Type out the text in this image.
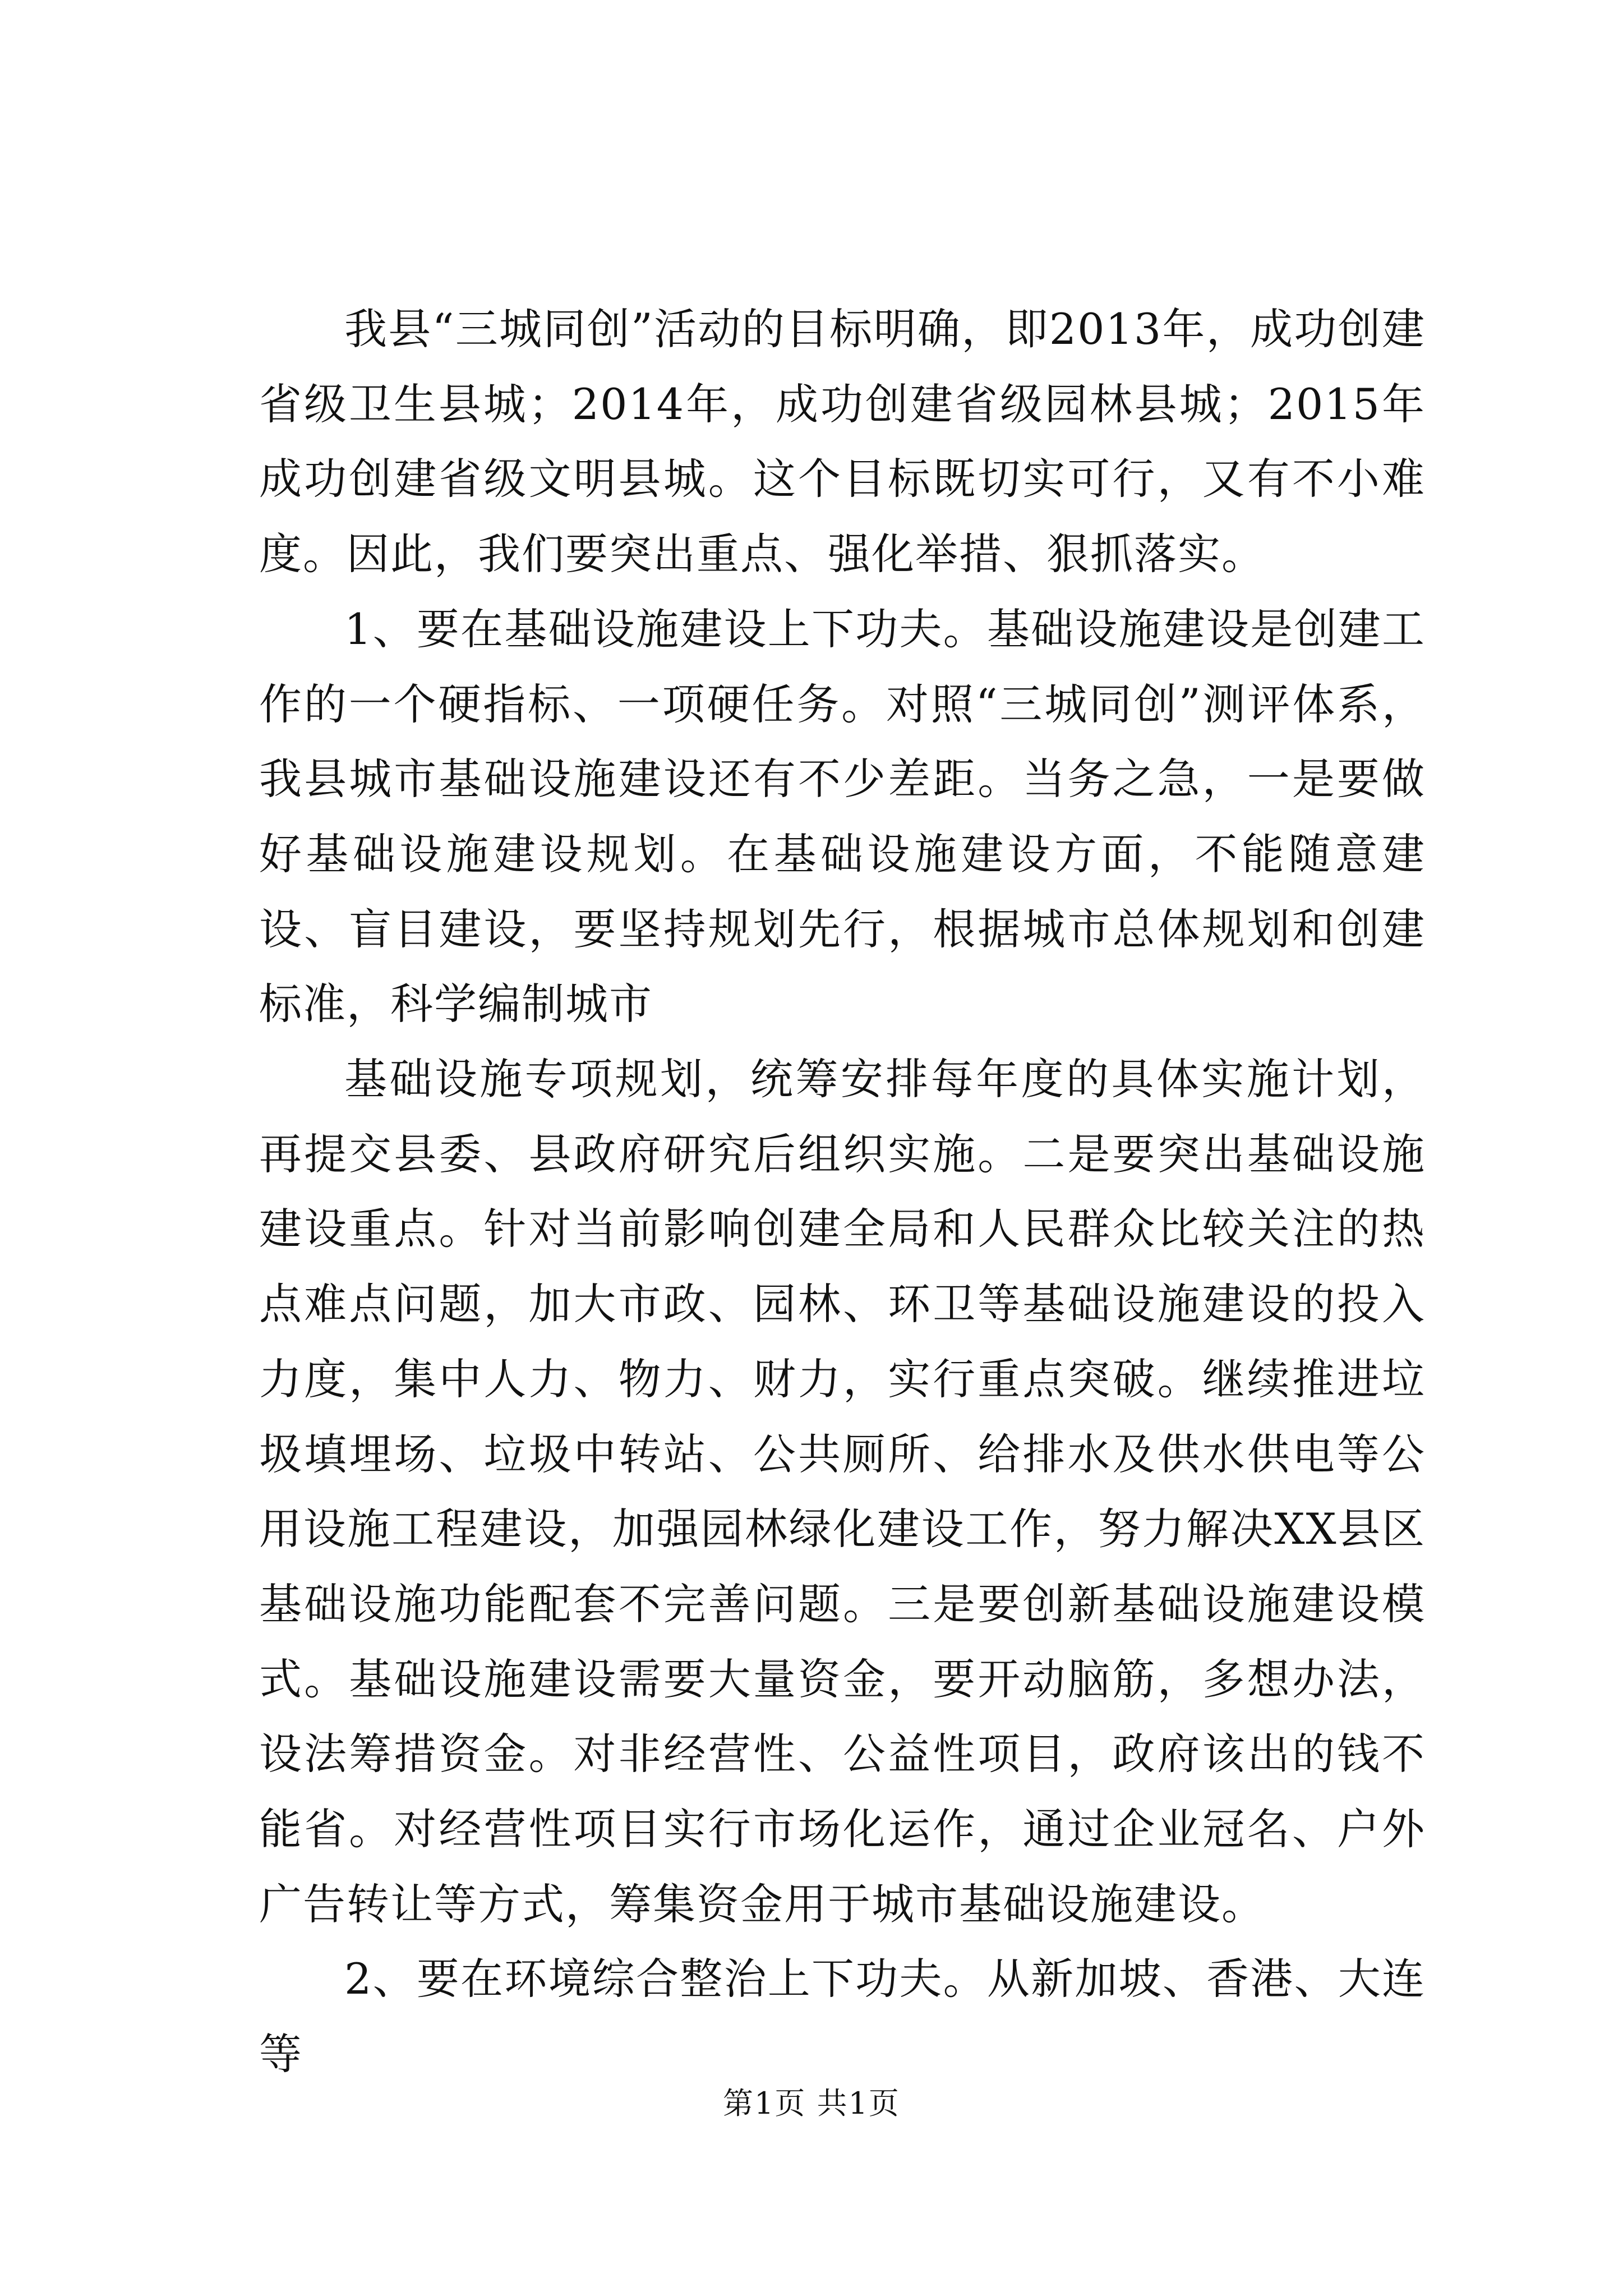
我县“三城同创”活动的目标明确，即2013年，成功创建省级卫生县城；2014年，成功创建省级园林县城；2015年成功创建省级文明县城。这个目标既切实可行，又有不小难度。因此，我们要突出重点、强化举措、狠抓落实。

1、要在基础设施建设上下功夫。基础设施建设是创建工作的一个硬指标、一项硬任务。对照“三城同创”测评体系，我县城市基础设施建设还有不少差距。当务之急，一是要做好基础设施建设规划。在基础设施建设方面，不能随意建设、盲目建设，要坚持规划先行，根据城市总体规划和创建标准，科学编制城市

基础设施专项规划，统筹安排每年度的具体实施计划，再提交县委、县政府研究后组织实施。二是要突出基础设施建设重点。针对当前影响创建全局和人民群众比较关注的热点难点问题，加大市政、园林、环卫等基础设施建设的投入力度，集中人力、物力、财力，实行重点突破。继续推进垃圾填埋场、垃圾中转站、公共厕所、给排水及供水供电等公用设施工程建设，加强园林绿化建设工作，努力解决XX县区基础设施功能配套不完善问题。三是要创新基础设施建设模式。基础设施建设需要大量资金，要开动脑筋，多想办法，设法筹措资金。对非经营性、公益性项目，政府该出的钱不能省。对经营性项目实行市场化运作，通过企业冠名、户外广告转让等方式，筹集资金用于城市基础设施建设。

2、要在环境综合整治上下功夫。从新加坡、香港、大连等

第1页 共1页
